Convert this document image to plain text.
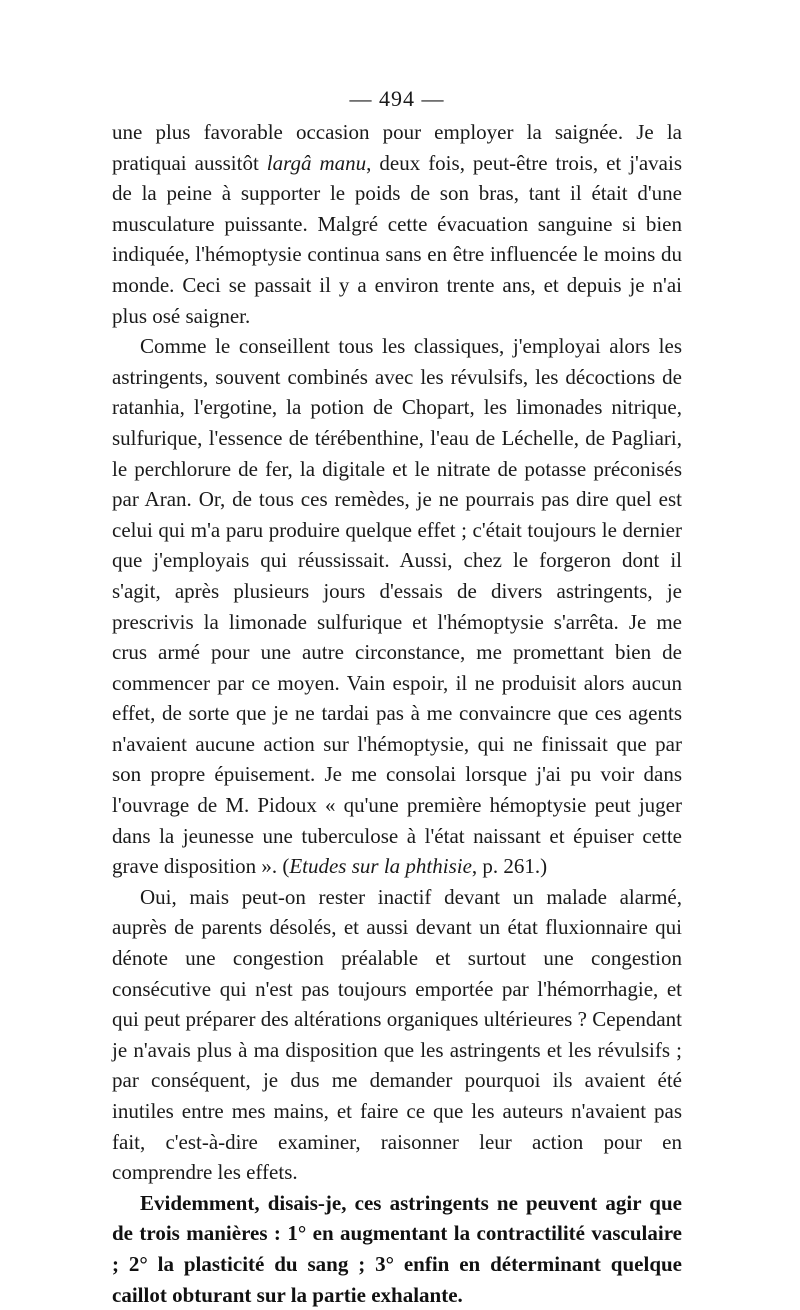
— 494 —

une plus favorable occasion pour employer la saignée. Je la pratiquai aussitôt largâ manu, deux fois, peut-être trois, et j'avais de la peine à supporter le poids de son bras, tant il était d'une musculature puissante. Malgré cette évacuation sanguine si bien indiquée, l'hémoptysie continua sans en être influencée le moins du monde. Ceci se passait il y a environ trente ans, et depuis je n'ai plus osé saigner.

Comme le conseillent tous les classiques, j'employai alors les astringents, souvent combinés avec les révulsifs, les décoctions de ratanhia, l'ergotine, la potion de Chopart, les limonades nitrique, sulfurique, l'essence de térébenthine, l'eau de Léchelle, de Pagliari, le perchlorure de fer, la digitale et le nitrate de potasse préconisés par Aran. Or, de tous ces remèdes, je ne pourrais pas dire quel est celui qui m'a paru produire quelque effet ; c'était toujours le dernier que j'employais qui réussissait. Aussi, chez le forgeron dont il s'agit, après plusieurs jours d'essais de divers astringents, je prescrivis la limonade sulfurique et l'hémoptysie s'arrêta. Je me crus armé pour une autre circonstance, me promettant bien de commencer par ce moyen. Vain espoir, il ne produisit alors aucun effet, de sorte que je ne tardai pas à me convaincre que ces agents n'avaient aucune action sur l'hémoptysie, qui ne finissait que par son propre épuisement. Je me consolai lorsque j'ai pu voir dans l'ouvrage de M. Pidoux « qu'une première hémoptysie peut juger dans la jeunesse une tuberculose à l'état naissant et épuiser cette grave disposition ». (Etudes sur la phthisie, p. 261.)

Oui, mais peut-on rester inactif devant un malade alarmé, auprès de parents désolés, et aussi devant un état fluxionnaire qui dénote une congestion préalable et surtout une congestion consécutive qui n'est pas toujours emportée par l'hémorrhagie, et qui peut préparer des altérations organiques ultérieures ? Cependant je n'avais plus à ma disposition que les astringents et les révulsifs ; par conséquent, je dus me demander pourquoi ils avaient été inutiles entre mes mains, et faire ce que les auteurs n'avaient pas fait, c'est-à-dire examiner, raisonner leur action pour en comprendre les effets.

Evidemment, disais-je, ces astringents ne peuvent agir que de trois manières : 1° en augmentant la contractilité vasculaire ; 2° la plasticité du sang ; 3° enfin en déterminant quelque caillot obturant sur la partie exhalante.
